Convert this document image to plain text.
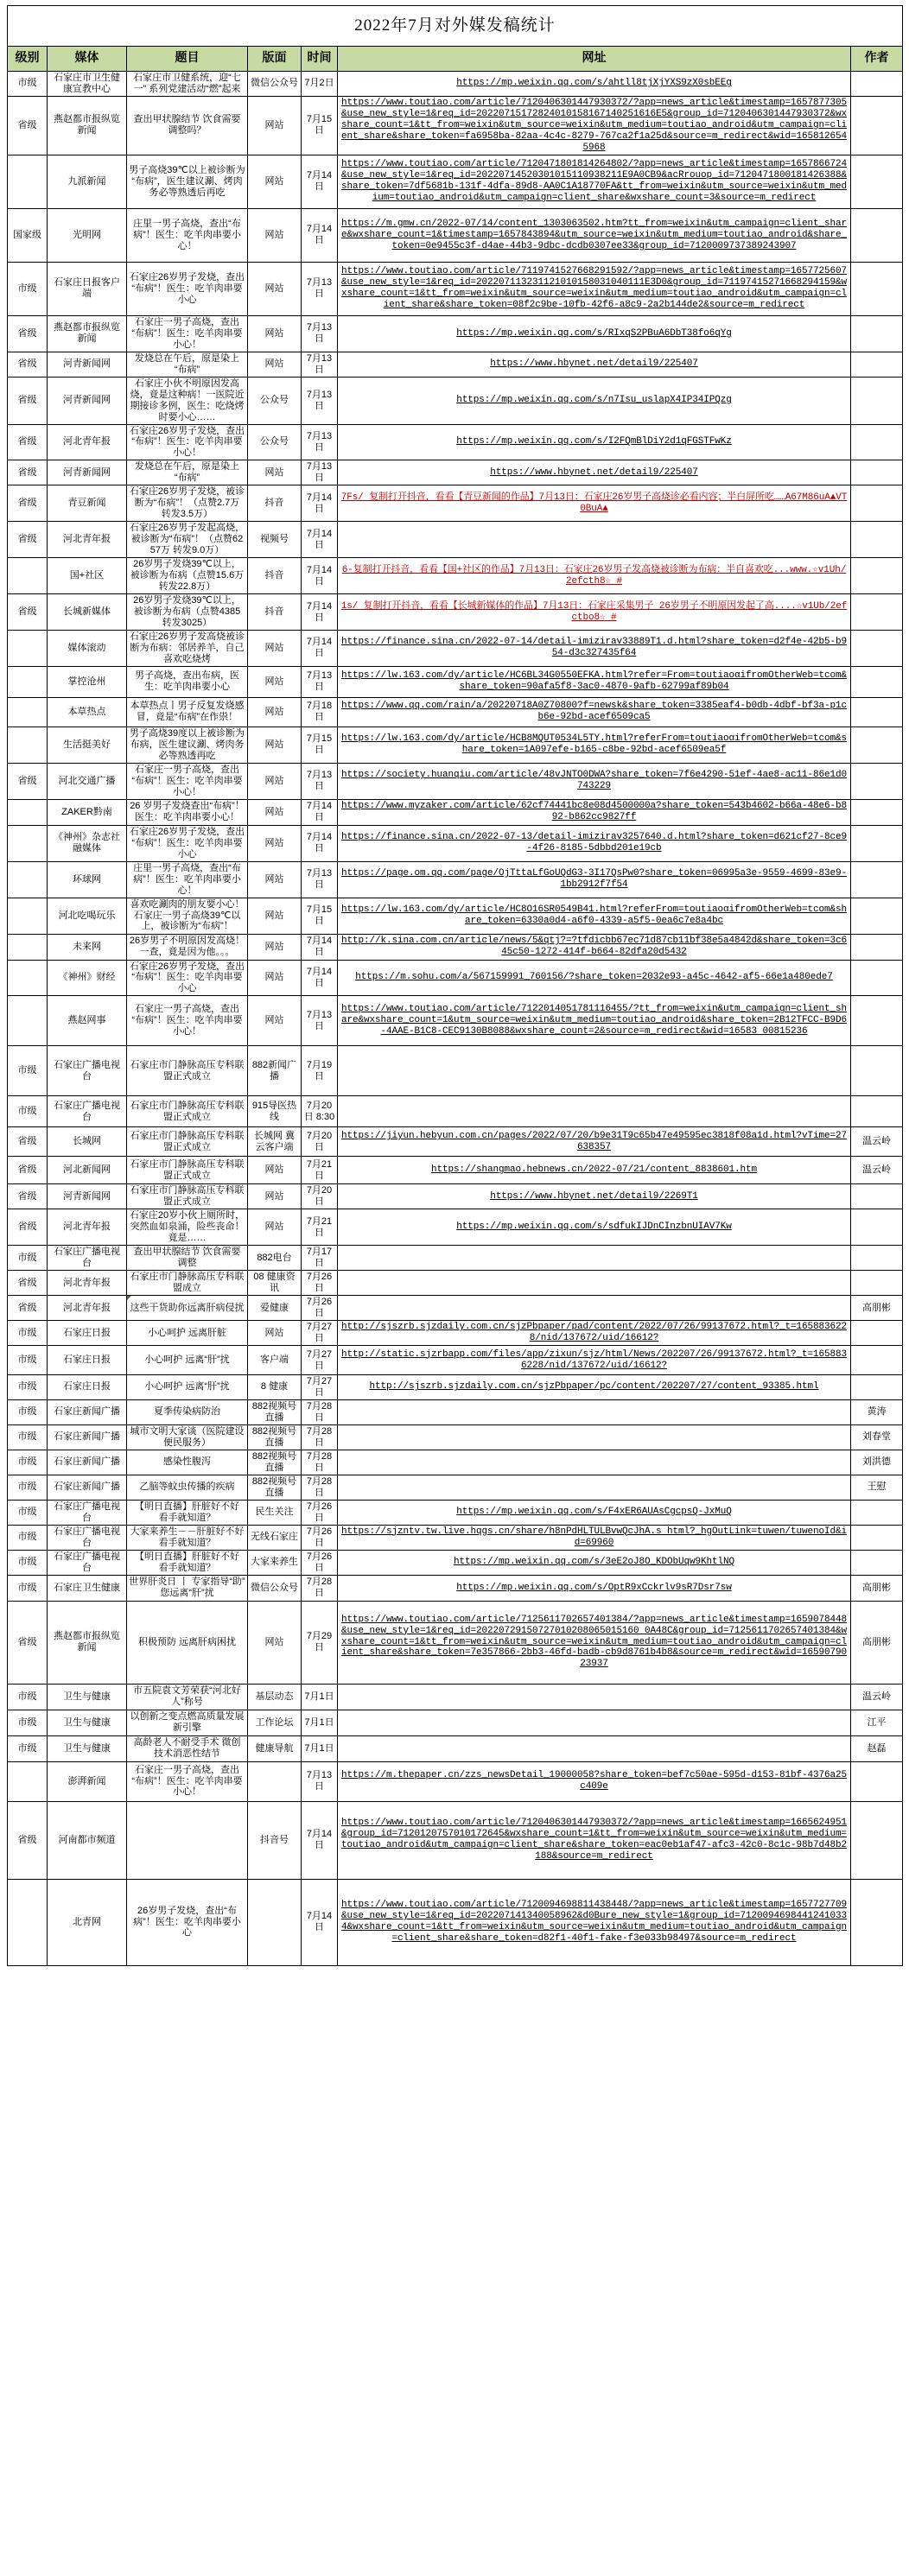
2022年7月对外媒发稿统计						
级别	媒体	题目	版面	时间	网址	作者
市级	石家庄市卫生健康宣教中心	石家庄市卫健系统，迎“七一” 系列党建活动“燃”起来	微信公众号	7月2日	https://mp.weixin.qq.com/s/ahtll8tjXjYXS9zX0sbEEg	
省级	燕赵都市报纵览新闻	查出甲状腺结节 饮食需要调整吗？	网站	7月15日	https://www.toutiao.com/article/7120406301447930372/?app=news_article&timestamp=1657877305&use_new_style=1&req_id=20220715172824010158167140251616E5&group_id=7120406301447930372&wxshare_count=1&tt_from=weixin&utm_source=weixin&utm_medium=toutiao_android&utm_campaign=client_share&share_token=fa6958ba-82aa-4c4c-8279-767ca2f1a25d&source=m_redirect&wid=1658126545968	
	九派新闻	男子高烧39℃以上被诊断为“布病”，医生建议涮、烤肉务必等熟透后再吃	网站	7月14日	https://www.toutiao.com/article/7120471801814264802/?app=news_article&timestamp=1657866724&use_new_style=1&req_id=20220714520301015110938211E9A0CB9&acRrouop_id=7120471800181426388&share_token=7df5681b-131f-4dfa-89d8-AA0C1A18770FA&tt_from=weixin&utm_source=weixin&utm_medium=toutiao_android&utm_campaign=client_share&wxshare_count=3&source=m_redirect	
国家级	光明网	庄里一男子高烧，查出“布病”！医生：吃羊肉串要小心！	网站	7月14日	https://m.gmw.cn/2022-07/14/content_1303063502.htm?tt_from=weixin&utm_campaign=client_share&wxshare_count=1&timestamp=1657843894&utm_source=weixin&utm_medium=toutiao_android&share_token=0e9455c3f-d4ae-44b3-9dbc-dcdb0307ee33&group_id=7120009737389243907	
市级	石家庄日报客户端	石家庄26岁男子发烧，查出“布病”！医生：吃羊肉串要小心	网站	7月13日	https://www.toutiao.com/article/7119741527668291592/?app=news_article&timestamp=1657725607&use_new_style=1&req_id=202207113231121010158031040111E3D0&group_id=71197415271668294159&wxshare_count=1&tt_from=weixin&utm_source=weixin&utm_medium=toutiao_android&utm_campaign=client_share&share_token=08f2c9be-10fb-42f6-a8c9-2a2b144de2&source=m_redirect	
省级	燕赵都市报纵览新闻	石家庄一男子高烧，查出“布病”！医生：吃羊肉串要小心！	网站	7月13日	https://mp.weixin.qq.com/s/RIxqS2PBuA6DbT38fo6qYg	
省级	河青新闻网	发烧总在午后，原是染上“布病”	网站	7月13日	https://www.hbynet.net/detail9/225407	
省级	河青新闻网	石家庄小伙不明原因发高烧，竟是这种病！一医院近期接诊多例，医生：吃烧烤时要小心……	公众号	7月13日	https://mp.weixin.qq.com/s/n7Isu_uslapX4IP34IPQzg	
省级	河北青年报	石家庄26岁男子发烧，查出“布病”！医生：吃羊肉串要小心！	公众号	7月13日	https://mp.weixin.qq.com/s/I2FQmBlDiY2d1qFGSTFwKz	
省级	河青新闻网	发烧总在午后，原是染上“布病”	网站	7月13日	https://www.hbynet.net/detail9/225407	
省级	青豆新闻	石家庄26岁男子发烧，被诊断为“布病”！（点赞2.7万 转发3.5万）	抖音	7月14日	7Fs/ 复制打开抖音，看看【青豆新闻的作品】7月13日：石家庄26岁男子高烧诊必看内容；半白屏所吃……A67M86uA▲VT0BuA▲	
省级	河北青年报	石家庄26岁男子发起高烧，被诊断为“布病”！（点赞6257万 转发9.0万）	视频号	7月14日		
	国+社区	26岁男子发烧39℃以上，被诊断为布病（点赞15.6万 转发22.8万）	抖音	7月14日	6-复制打开抖音，看看【国+社区的作品】7月13日：石家庄26岁男子发高烧被诊断为布病：半自喜欢吃...www.☆v1Uh/2efcth8☆ #	
省级	长城新媒体	26岁男子发烧39℃以上，被诊断为布病（点赞4385 转发3025）	抖音	7月14日	1s/ 复制打开抖音，看看【长城新媒体的作品】7月13日：石家庄采集男子 26岁男子不明原因发起了高....☆v1Ub/2efctbo8☆ #	
	媒体滚动	石家庄26岁男子发高烧被诊断为布病：邻居养羊，自己喜欢吃烧烤	网站	7月14日	https://finance.sina.cn/2022-07-14/detail-imizirav33889T1.d.html?share_token=d2f4e-42b5-b954-d3c327435f64	
	掌控沧州	男子高烧，查出布病，医生：吃羊肉串要小心	网站	7月13日	https://lw.163.com/dy/article/HC6BL34G0550EFKA.html?refer=From=toutiaoαifromOtherWeb=tcom&share_token=90afa5f8-3ac0-4870-9afb-62799af89b04	
	本草热点	本草热点丨男子反复发烧感冒，竟是“布病”在作祟！	网站	7月18日	https://www.qq.com/rain/a/20220718A0Z70800?f=newsk&share_token=3385eaf4-b0db-4dbf-bf3a-p1cb6e-92bd-acef6509ca5	
	生活挺美好	男子高烧39度以上被诊断为布病，医生建议涮、烤肉务必等熟透再吃	网站	7月15日	https://lw.163.com/dy/article/HCB8MQUT0534L5TY.html?referFrom=toutiaoαifromOtherWeb=tcom&share_token=1A097efe-b165-c8be-92bd-acef6509ea5f	
省级	河北交通广播	石家庄一男子高烧，查出“布病”！医生：吃羊肉串要小心！	网站	7月13日	https://society.huanqiu.com/article/48vJNTO0DWA?share_token=7f6e4290-51ef-4ae8-ac11-86e1d0743229	
	ZAKER黔南	26 岁男子发烧查出“布病”！医生：吃羊肉串要小心！	网站	7月14日	https://www.myzaker.com/article/62cf74441bc8e08d4500000a?share_token=543b4602-b66a-48e6-b892-b862cc9827ff	
	《神州》杂志社融媒体	石家庄26岁男子发烧，查出“布病”！医生：吃羊肉串要小心	网站	7月14日	https://finance.sina.cn/2022-07-13/detail-imizirav3257640.d.html?share_token=d621cf27-8ce9-4f26-8185-5dbbd201e19cb	
	环球网	庄里一男子高烧，查出“布病”！医生：吃羊肉串要小心！	网站	7月13日	https://page.om.qq.com/page/OjTttaLfGoUQdG3-3I17QsPw0?share_token=06995a3e-9559-4699-83e9-1bb2912f7f54	
	河北吃喝玩乐	喜欢吃涮肉的朋友要小心！石家庄一男子高烧39℃以上，被诊断为“布病”！	网站	7月15日	https://lw.163.com/dy/article/HC8O16SR0549B41.html?referFrom=toutiaoαifromOtherWeb=tcom&share_token=6330a0d4-a6f0-4339-a5f5-0ea6c7e8a4bc	
	未来网	26岁男子不明原因发高烧！一查，竟是因为他。。。	网站	7月14日	http://k.sina.com.cn/article/news/5&qtj?=?tfdicbb67ec71d87cb11bf38e5a4842d&share_token=3c645c50-1272-414f-b664-82dfa20d5432	
	《神州》财经	石家庄26岁男子发烧，查出“布病”！医生：吃羊肉串要小心	网站	7月14日	https://m.sohu.com/a/567159991_760156/?share_token=2032e93-a45c-4642-af5-66e1a480ede7	
	燕赵网事	石家庄一男子高烧，查出“布病”！医生：吃羊肉串要小心！	网站	7月13日	https://www.toutiao.com/article/7122014051781116455/?tt_from=weixin&utm_campaign=client_share&wxshare_count=1&utm_source=weixin&utm_medium=toutiao_android&share_token=2B12TFCC-B9D6-4AAE-B1C8-CEC9130B8088&wxshare_count=2&source=m_redirect&wid=16583 00815236	
市级	石家庄广播电视台	石家庄市门静脉高压专科联盟正式成立	882新闻广播	7月19日		
市级	石家庄广播电视台	石家庄市门静脉高压专科联盟正式成立	915导医热线	7月20日 8:30		
省级	长城网	石家庄市门静脉高压专科联盟正式成立	长城网 冀云客户端	7月20日	https://jiyun.hebyun.com.cn/pages/2022/07/20/b9e31T9c65b47e49595ec3818f08a1d.html?vTime=27638357	温云岭
省级	河北新闻网	石家庄市门静脉高压专科联盟正式成立	网站	7月21日	https://shangmao.hebnews.cn/2022-07/21/content_8838601.htm	温云岭
省级	河青新闻网	石家庄市门静脉高压专科联盟正式成立	网站	7月20日	https://www.hbynet.net/detail9/2269T1	
省级	河北青年报	石家庄20岁小伙上厕所时，突然血如泉涌，险些丧命！竟是……	网站	7月21日	https://mp.weixin.qq.com/s/sdfukIJDnCInzbnUIAV7Kw	
市级	石家庄广播电视台	查出甲状腺结节 饮食需要调整	882电台	7月17日		
省级	河北青年报	石家庄市门静脉高压专科联盟成立	08 健康资讯	7月26日		
省级	河北青年报	这些干货助你远离肝病侵扰	爱健康	7月26日		高朋彬
市级	石家庄日报	小心呵护 远离肝脏	网站	7月27日	http://sjszrb.sjzdaily.com.cn/sjzPbpaper/pad/content/2022/07/26/99137672.html?_t=1658836228/nid/137672/uid/16612?	
市级	石家庄日报	小心呵护 远离“肝”扰	客户端	7月27日	http://static.sjzrbapp.com/files/app/zixun/sjz/html/News/202207/26/99137672.html?_t=1658836228/nid/137672/uid/16612?	
市级	石家庄日报	小心呵护 远离“肝”扰	8 健康	7月27日	http://sjszrb.sjzdaily.com.cn/sjzPbpaper/pc/content/202207/27/content_93385.html	
市级	石家庄新闻广播	夏季传染病防治	882视频号直播	7月28日		黄涛
市级	石家庄新闻广播	城市文明大家谈（医院建设便民服务）	882视频号直播	7月28日		刘春堂
市级	石家庄新闻广播	感染性腹泻	882视频号直播	7月28日		刘洪德
市级	石家庄新闻广播	乙脑等蚊虫传播的疾病	882视频号直播	7月28日		王慰
市级	石家庄广播电视台	【明日直播】肝脏好不好 看手就知道？	民生关注	7月26日	https://mp.weixin.qq.com/s/F4xER6AUAsCgcpsQ-JxMuQ	
市级	石家庄广播电视台	大家来养生－－肝脏好不好 看手就知道？	无线石家庄	7月26日	https://sjzntv.tw.live.hqgs.cn/share/h8nPdHLTULBvwQcJhA.s html?_hgOutLink=tuwen/tuwenoId&id=69960	
市级	石家庄广播电视台	【明日直播】肝脏好不好 看手就知道？	大家来养生	7月26日	https://mp.weixin.qq.com/s/3eE2oJ8O_KDObUqw9KhtlNQ	
市级	石家庄卫生健康	世界肝炎日 丨 专家指导“助”您远离“肝”扰	微信公众号	7月28日	https://mp.weixin.qq.com/s/OptR9xCckrlv9sR7Dsr7sw	高朋彬
省级	燕赵都市报纵览新闻	积极预防 远离肝病困扰	网站	7月29日	https://www.toutiao.com/article/7125611702657401384/?app=news_article&timestamp=1659078448&use_new_style=1&req_id=20220729150727010208065015160 0A48C&group_id=7125611702657401384&wxshare_count=1&tt_from=weixin&utm_source=weixin&utm_medium=toutiao_android&utm_campaign=client_share&share_token=7e357866-2bb3-46fd-badb-cb9d8761b4b8&source=m_redirect&wid=1659079023937	高朋彬
市级	卫生与健康	市五院袁文芳荣获“河北好人”称号	基层动态	7月1日		温云岭
市级	卫生与健康	以创新之变点燃高质量发展新引擎	工作论坛	7月1日		江平
市级	卫生与健康	高龄老人不耐受手术 微创技术消恶性结节	健康导航	7月1日		赵磊
	澎湃新闻	石家庄一男子高烧，查出“布病”！医生：吃羊肉串要小心！		7月13日	https://m.thepaper.cn/zzs_newsDetail_19000058?share_token=bef7c50ae-595d-d153-81bf-4376a25c409e	
省级	河南都市频道		抖音号	7月14日	https://www.toutiao.com/article/7120406301447930372/?app=news_article&timestamp=1665624951&group_id=7120120757010172645&wxshare_count=1&tt_from=weixin&utm_source=weixin&utm_medium=toutiao_android&utm_campaign=client_share&share_token=eac0eb1af47-afc3-42c0-8c1c-98b7d48b2188&source=m_redirect	
	北青网	26岁男子发烧，查出“布病”！医生：吃羊肉串要小心		7月14日	https://www.toutiao.com/article/7120094698811438448/?app=news_article&timestamp=1657727709&use_new_style=1&req_id=202207141340058962&d0Bure_new_style=1&group_id=71200946984412410334&wxshare_count=1&tt_from=weixin&utm_source=weixin&utm_medium=toutiao_android&utm_campaign=client_share&share_token=d82f1-40f1-fake-f3e033b98497&source=m_redirect	
